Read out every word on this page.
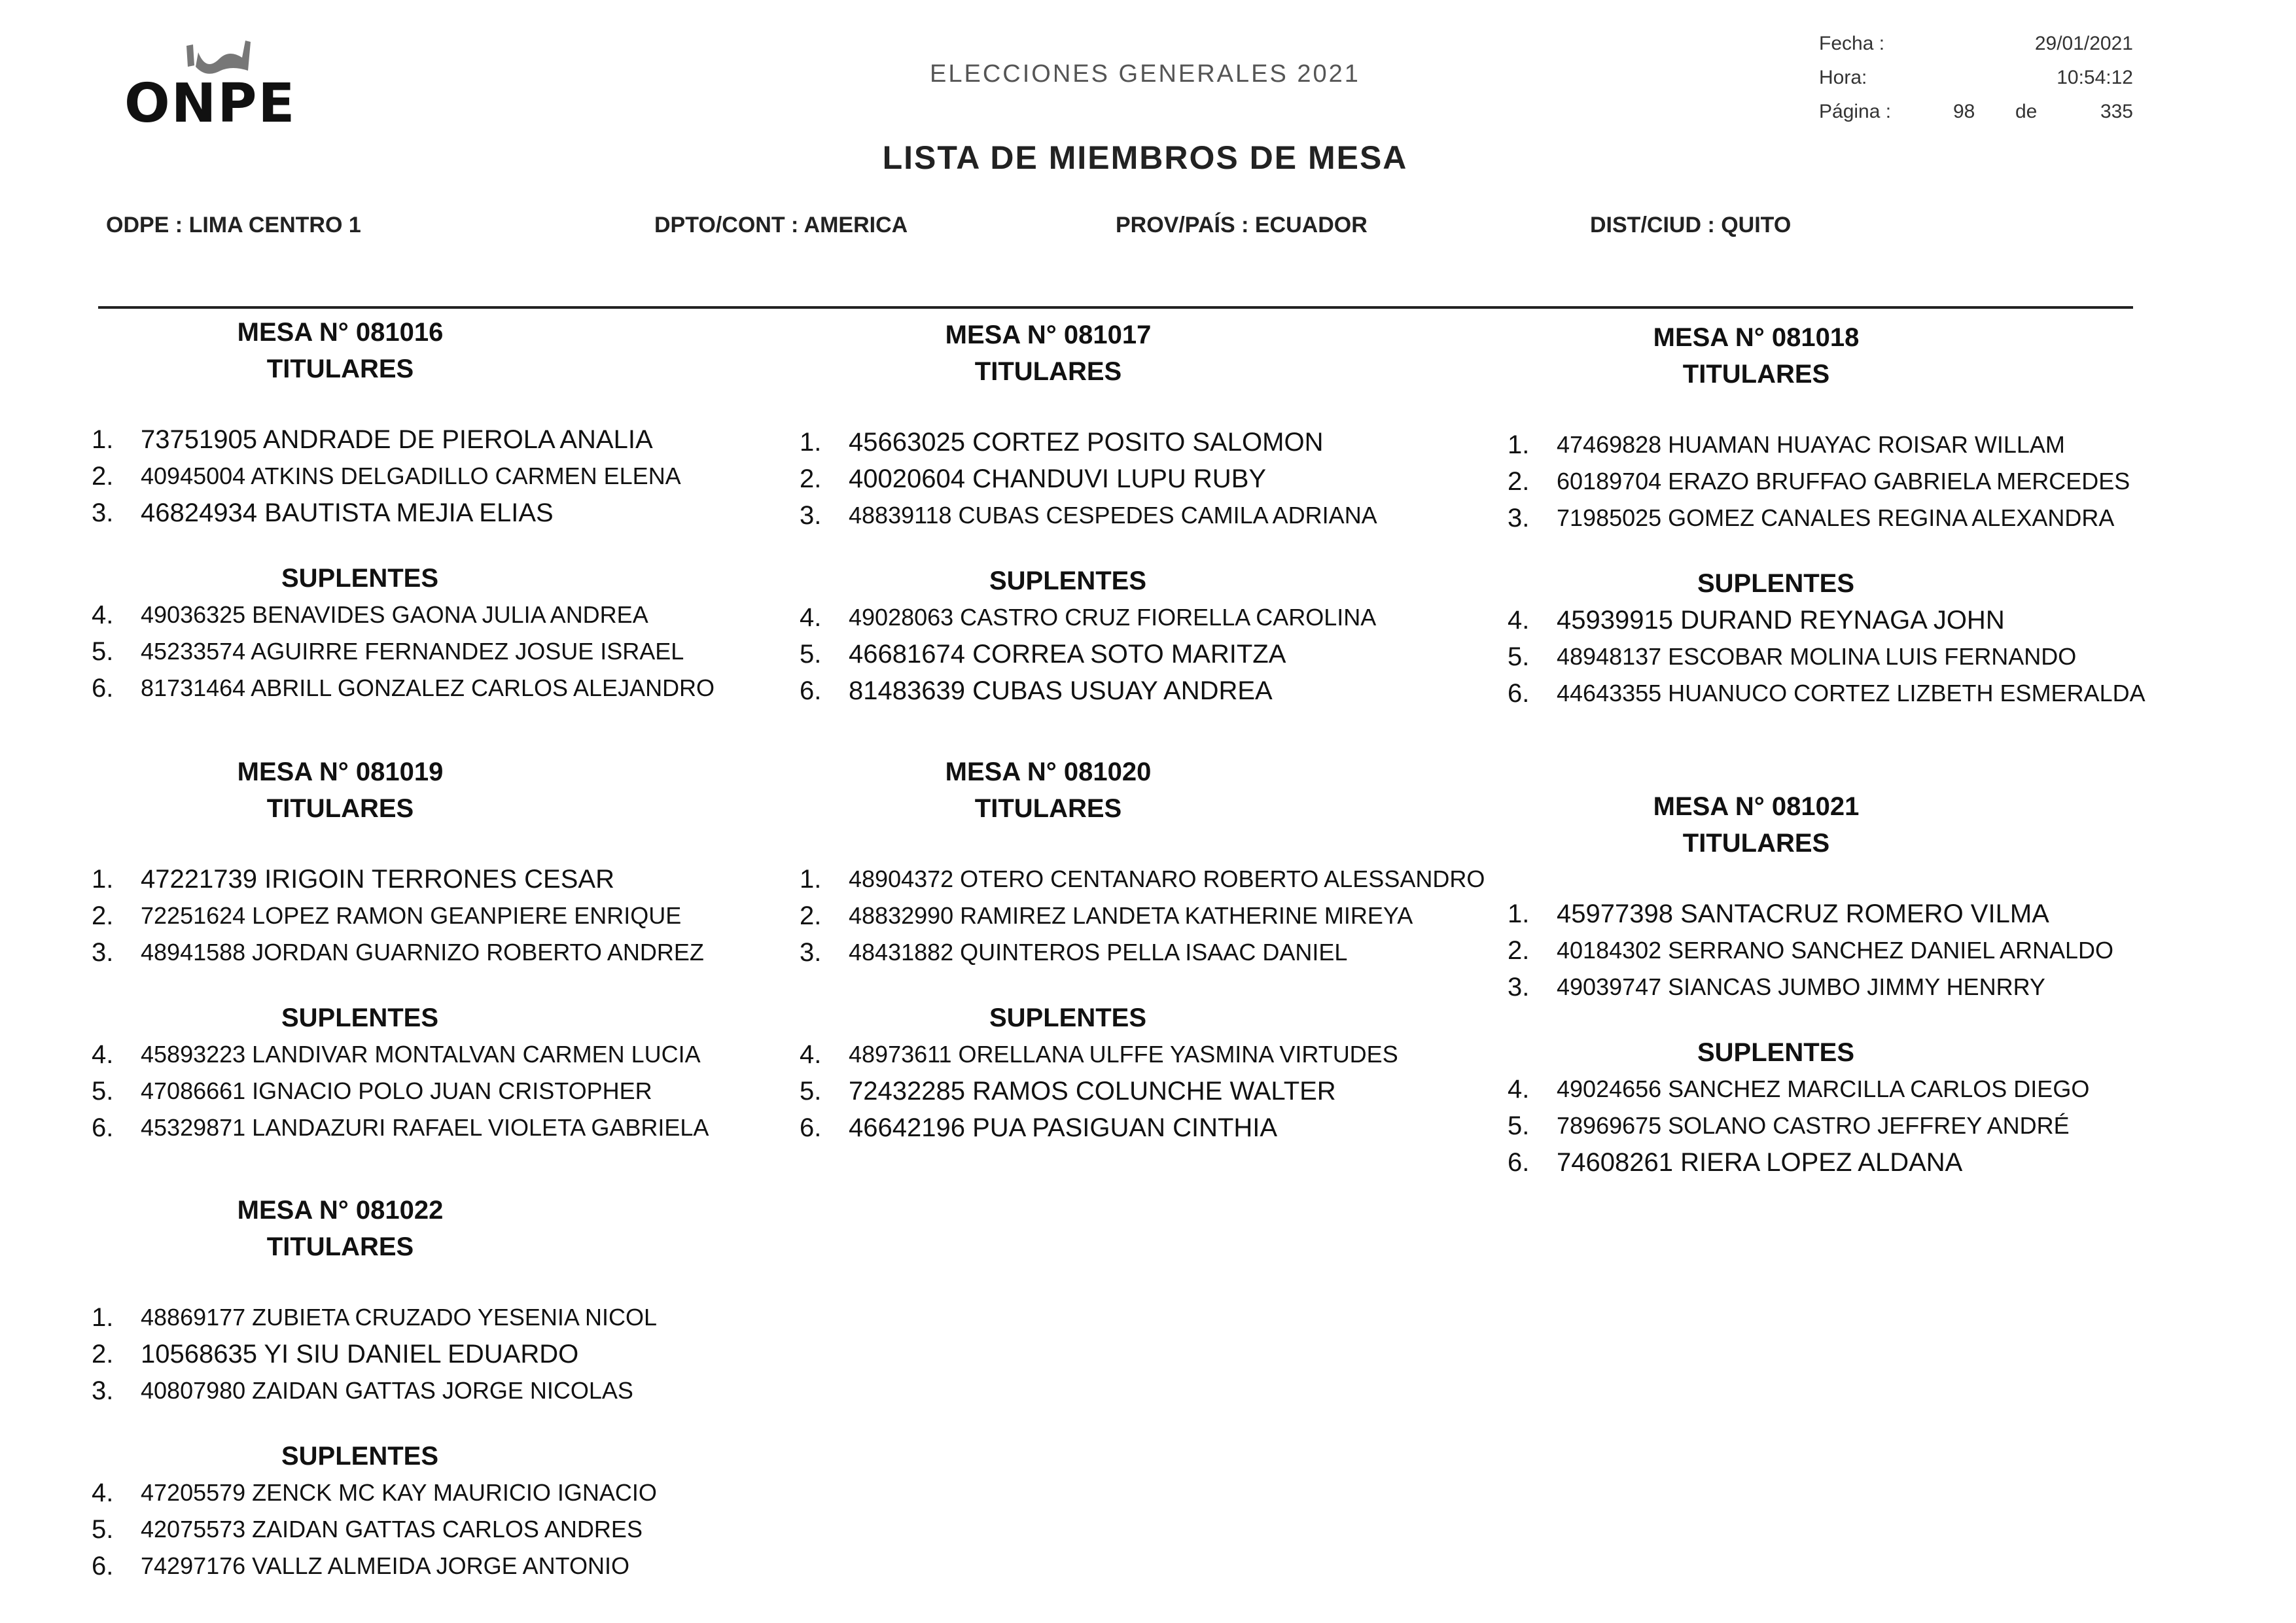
ONPE	ELECCIONES GENERALES 2021
LISTA DE MIEMBROS DE MESA
Fecha :	29/01/2021
Hora:	10:54:12
Página :	98 de	335
ODPE : LIMA CENTRO 1	DPTO/CONT : AMERICA	PROV/PAÍS : ECUADOR	DIST/CIUD : QUITO
MESA N° 081016
TITULARES
1.	73751905 ANDRADE DE PIEROLA ANALIA
2.	40945004 ATKINS DELGADILLO CARMEN ELENA
3.	46824934 BAUTISTA MEJIA ELIAS
SUPLENTES
4.	49036325 BENAVIDES GAONA JULIA ANDREA
5.	45233574 AGUIRRE FERNANDEZ JOSUE ISRAEL
6.	81731464 ABRILL GONZALEZ CARLOS ALEJANDRO
MESA N° 081017
TITULARES
1.	45663025 CORTEZ POSITO SALOMON
2.	40020604 CHANDUVI LUPU RUBY
3.	48839118 CUBAS CESPEDES CAMILA ADRIANA
SUPLENTES
4.	49028063 CASTRO CRUZ FIORELLA CAROLINA
5.	46681674 CORREA SOTO MARITZA
6.	81483639 CUBAS USUAY ANDREA
MESA N° 081018
TITULARES
1.	47469828 HUAMAN HUAYAC ROISAR WILLAM
2.	60189704 ERAZO BRUFFAO GABRIELA MERCEDES
3.	71985025 GOMEZ CANALES REGINA ALEXANDRA
SUPLENTES
4.	45939915 DURAND REYNAGA JOHN
5.	48948137 ESCOBAR MOLINA LUIS FERNANDO
6.	44643355 HUANUCO CORTEZ LIZBETH ESMERALDA
MESA N° 081019
TITULARES
1.	47221739 IRIGOIN TERRONES CESAR
2.	72251624 LOPEZ RAMON GEANPIERE ENRIQUE
3.	48941588 JORDAN GUARNIZO ROBERTO ANDREZ
SUPLENTES
4.	45893223 LANDIVAR MONTALVAN CARMEN LUCIA
5.	47086661 IGNACIO POLO JUAN CRISTOPHER
6.	45329871 LANDAZURI RAFAEL VIOLETA GABRIELA
MESA N° 081020
TITULARES
1.	48904372 OTERO CENTANARO ROBERTO ALESSANDRO
2.	48832990 RAMIREZ LANDETA KATHERINE MIREYA
3.	48431882 QUINTEROS PELLA ISAAC DANIEL
SUPLENTES
4.	48973611 ORELLANA ULFFE YASMINA VIRTUDES
5.	72432285 RAMOS COLUNCHE WALTER
6.	46642196 PUA PASIGUAN CINTHIA
MESA N° 081021
TITULARES
1.	45977398 SANTACRUZ ROMERO VILMA
2.	40184302 SERRANO SANCHEZ DANIEL ARNALDO
3.	49039747 SIANCAS JUMBO JIMMY HENRRY
SUPLENTES
4.	49024656 SANCHEZ MARCILLA CARLOS DIEGO
5.	78969675 SOLANO CASTRO JEFFREY ANDRÉ
6.	74608261 RIERA LOPEZ ALDANA
MESA N° 081022
TITULARES
1.	48869177 ZUBIETA CRUZADO YESENIA NICOL
2.	10568635 YI SIU DANIEL EDUARDO
3.	40807980 ZAIDAN GATTAS JORGE NICOLAS
SUPLENTES
4.	47205579 ZENCK MC KAY MAURICIO IGNACIO
5.	42075573 ZAIDAN GATTAS CARLOS ANDRES
6.	74297176 VALLZ ALMEIDA JORGE ANTONIO
